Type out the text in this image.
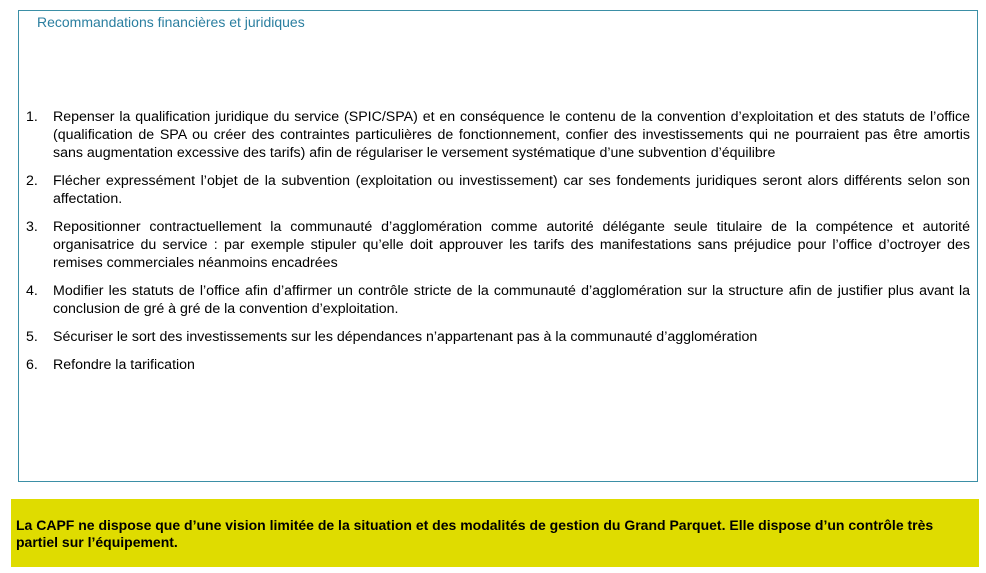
Recommandations financières et juridiques
1. Repenser la qualification juridique du service (SPIC/SPA) et en conséquence le contenu de la convention d’exploitation et des statuts de l’office (qualification de SPA ou créer des contraintes particulières de fonctionnement, confier des investissements qui ne pourraient pas être amortis sans augmentation excessive des tarifs) afin de régulariser le versement systématique d’une subvention d’équilibre
2. Flécher expressément l’objet de la subvention (exploitation ou investissement) car ses fondements juridiques seront alors différents selon son affectation.
3. Repositionner contractuellement la communauté d’agglomération comme autorité délégante seule titulaire de la compétence et autorité organisatrice du service : par exemple stipuler qu’elle doit approuver les tarifs des manifestations sans préjudice pour l’office d’octroyer des remises commerciales néanmoins encadrées
4. Modifier les statuts de l’office afin d’affirmer un contrôle stricte de la communauté d’agglomération sur la structure afin de justifier plus avant la conclusion de gré à gré de la convention d’exploitation.
5. Sécuriser le sort des investissements sur les dépendances n’appartenant pas à la communauté d’agglomération
6. Refondre la tarification
La CAPF ne dispose que d’une vision limitée de la situation et des modalités de gestion du Grand Parquet. Elle dispose d’un contrôle très partiel sur l’équipement.
